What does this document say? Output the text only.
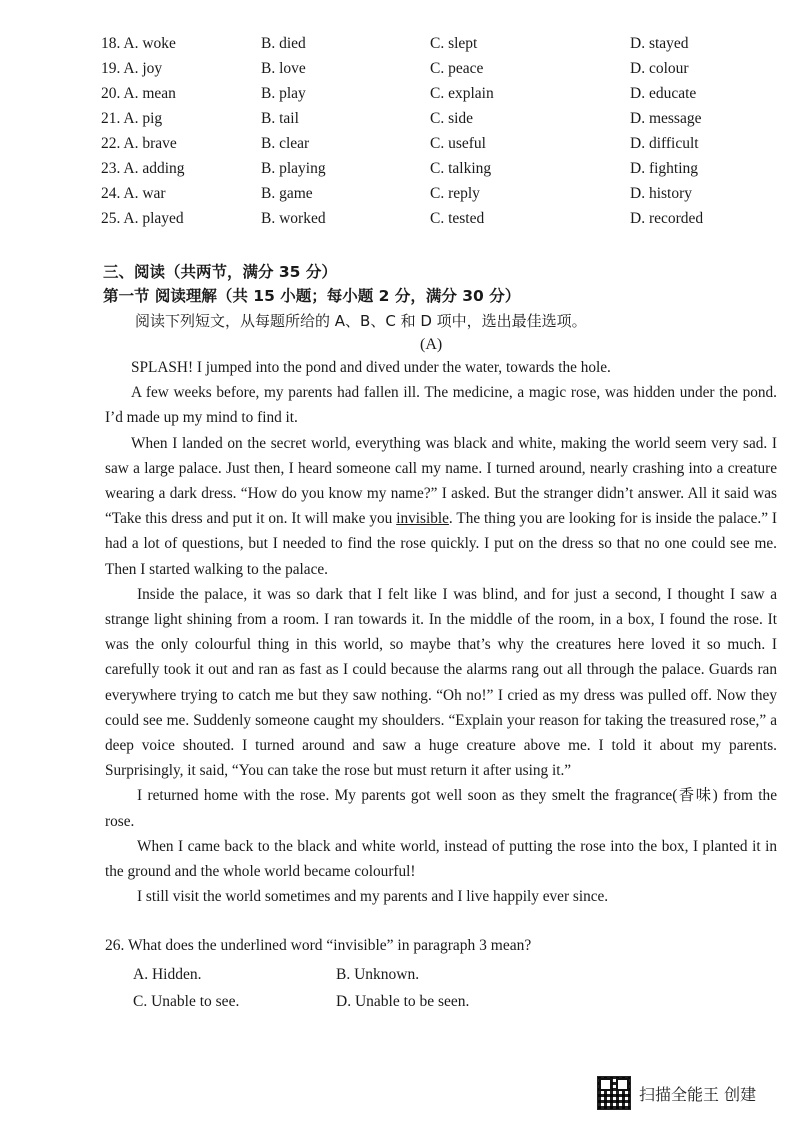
18. A. woke	B. died	C. slept	D. stayed
19. A. joy	B. love	C. peace	D. colour
20. A. mean	B. play	C. explain	D. educate
21. A. pig	B. tail	C. side	D. message
22. A. brave	B. clear	C. useful	D. difficult
23. A. adding	B. playing	C. talking	D. fighting
24. A. war	B. game	C. reply	D. history
25. A. played	B. worked	C. tested	D. recorded
三、阅读（共两节，满分 35 分）
第一节 阅读理解（共 15 小题；每小题 2 分，满分 30 分）
阅读下列短文，从每题所给的 A、B、C 和 D 项中，选出最佳选项。
(A)

SPLASH! I jumped into the pond and dived under the water, towards the hole.

A few weeks before, my parents had fallen ill. The medicine, a magic rose, was hidden under the pond. I’d made up my mind to find it.

When I landed on the secret world, everything was black and white, making the world seem very sad. I saw a large palace. Just then, I heard someone call my name. I turned around, nearly crashing into a creature wearing a dark dress. “How do you know my name?” I asked. But the stranger didn’t answer. All it said was “Take this dress and put it on. It will make you invisible. The thing you are looking for is inside the palace.” I had a lot of questions, but I needed to find the rose quickly. I put on the dress so that no one could see me. Then I started walking to the palace.

Inside the palace, it was so dark that I felt like I was blind, and for just a second, I thought I saw a strange light shining from a room. I ran towards it. In the middle of the room, in a box, I found the rose. It was the only colourful thing in this world, so maybe that’s why the creatures here loved it so much. I carefully took it out and ran as fast as I could because the alarms rang out all through the palace. Guards ran everywhere trying to catch me but they saw nothing. “Oh no!” I cried as my dress was pulled off. Now they could see me. Suddenly someone caught my shoulders. “Explain your reason for taking the treasured rose,” a deep voice shouted. I turned around and saw a huge creature above me. I told it about my parents. Surprisingly, it said, “You can take the rose but must return it after using it.”

I returned home with the rose. My parents got well soon as they smelt the fragrance(香味) from the rose.

When I came back to the black and white world, instead of putting the rose into the box, I planted it in the ground and the whole world became colourful!

I still visit the world sometimes and my parents and I live happily ever since.

26. What does the underlined word “invisible” in paragraph 3 mean?
A. Hidden.	B. Unknown.
C. Unable to see.	D. Unable to be seen.
扫描全能王 创建
